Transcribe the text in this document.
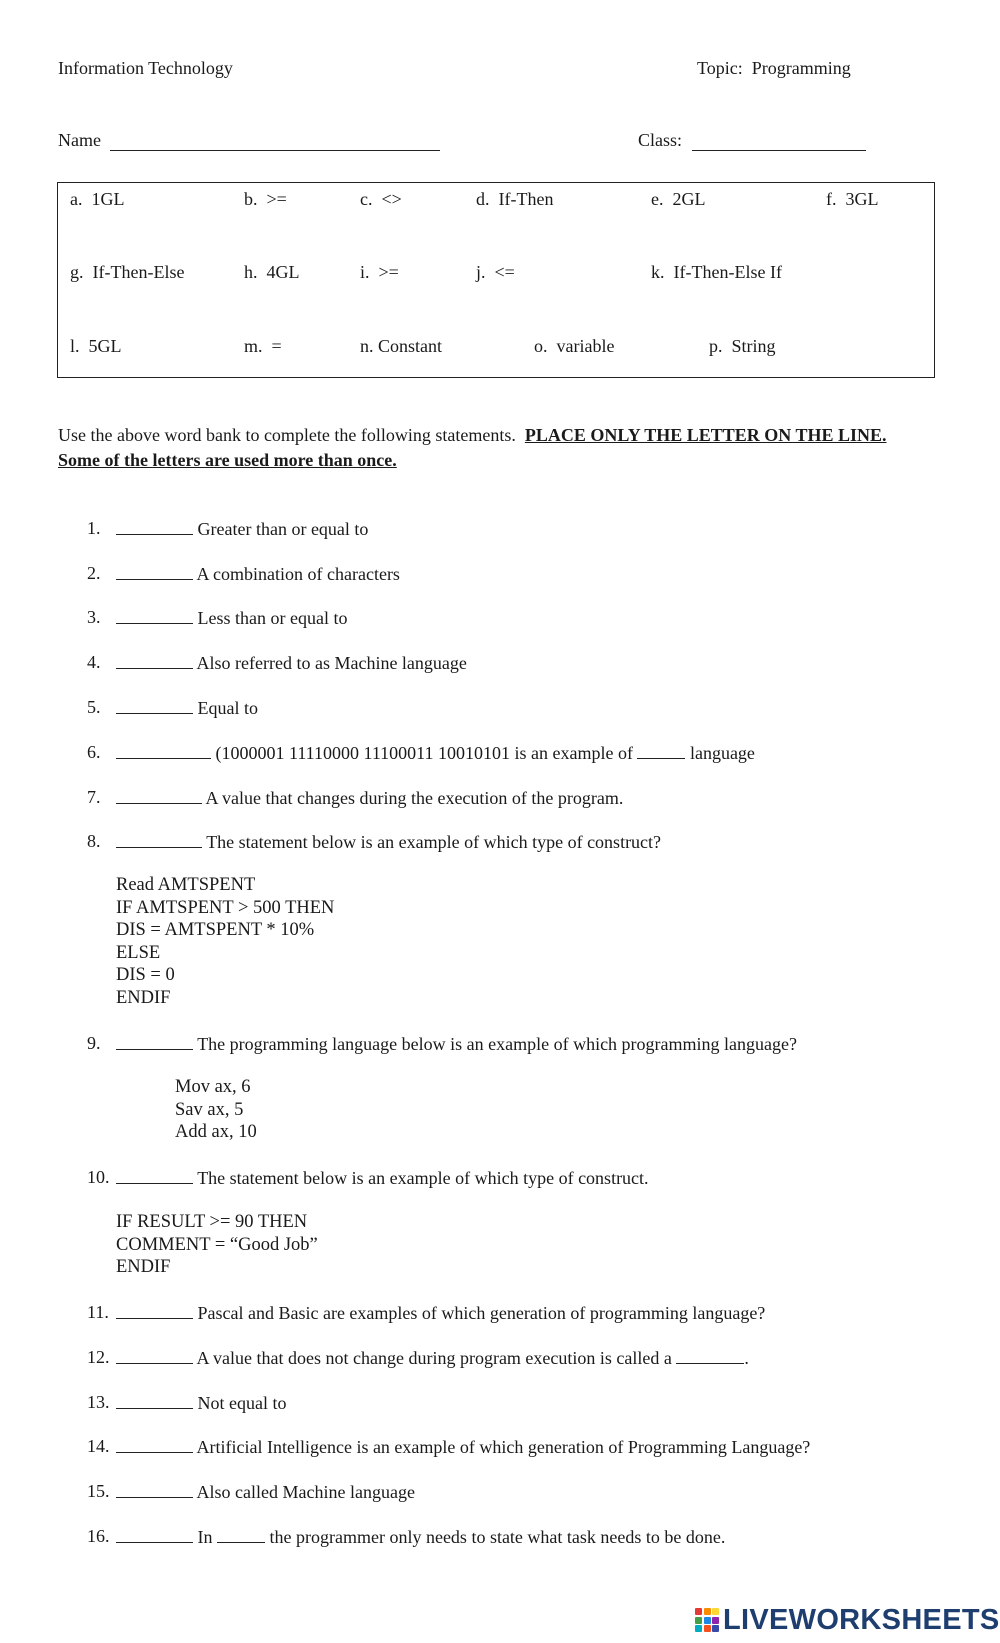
Information Technology	Topic:  Programming
Name	Class:
a.  1GL	b.  >=	c.  <>	d.  If-Then	e.  2GL	f.  3GL
g.  If-Then-Else	h.  4GL	i.  >=	j.  <=	k.  If-Then-Else If
l.  5GL	m.  =	n. Constant	o.  variable	p.  String
Use the above word bank to complete the following statements. PLACE ONLY THE LETTER ON THE LINE. Some of the letters are used more than once.
1.	Greater than or equal to
2.	A combination of characters
3.	Less than or equal to
4.	Also referred to as Machine language
5.	Equal to
6.	(1000001 11110000 11100011 10010101 is an example of	language
7.	A value that changes during the execution of the program.
8.	The statement below is an example of which type of construct?
Read AMTSPENT
IF AMTSPENT > 500 THEN
DIS = AMTSPENT * 10%
ELSE
DIS = 0
ENDIF
9.	The programming language below is an example of which programming language?
Mov ax, 6
Sav ax, 5
Add ax, 10
10.	The statement below is an example of which type of construct.
IF RESULT >= 90 THEN
COMMENT = “Good Job”
ENDIF
11.	Pascal and Basic are examples of which generation of programming language?
12.	A value that does not change during program execution is called a	.
13.	Not equal to
14.	Artificial Intelligence is an example of which generation of Programming Language?
15.	Also called Machine language
16.	In	the programmer only needs to state what task needs to be done.
LIVEWORKSHEETS
